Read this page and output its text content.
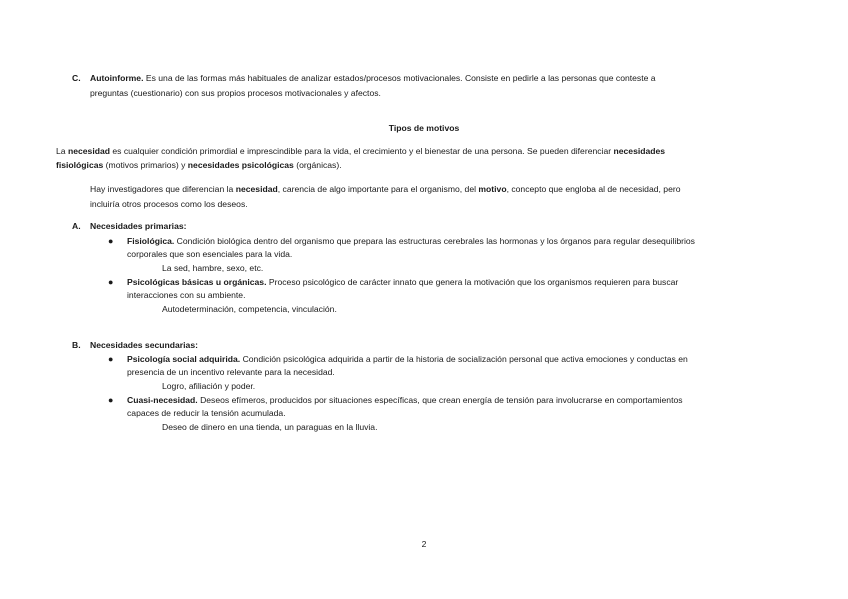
C. Autoinforme. Es una de las formas más habituales de analizar estados/procesos motivacionales. Consiste en pedirle a las personas que conteste a
preguntas (cuestionario) con sus propios procesos motivacionales y afectos.
Tipos de motivos
La necesidad es cualquier condición primordial e imprescindible para la vida, el crecimiento y el bienestar de una persona. Se pueden diferenciar necesidades
fisiológicas (motivos primarios) y necesidades psicológicas (orgánicas).
Hay investigadores que diferencian la necesidad, carencia de algo importante para el organismo, del motivo, concepto que engloba al de necesidad, pero
incluiría otros procesos como los deseos.
A. Necesidades primarias:
● Fisiológica. Condición biológica dentro del organismo que prepara las estructuras cerebrales las hormonas y los órganos para regular desequilibrios
corporales que son esenciales para la vida.
La sed, hambre, sexo, etc.
● Psicológicas básicas u orgánicas. Proceso psicológico de carácter innato que genera la motivación que los organismos requieren para buscar
interacciones con su ambiente.
Autodeterminación, competencia, vinculación.
B. Necesidades secundarias:
● Psicología social adquirida. Condición psicológica adquirida a partir de la historia de socialización personal que activa emociones y conductas en
presencia de un incentivo relevante para la necesidad.
Logro, afiliación y poder.
● Cuasi-necesidad. Deseos efímeros, producidos por situaciones específicas, que crean energía de tensión para involucrarse en comportamientos
capaces de reducir la tensión acumulada.
Deseo de dinero en una tienda, un paraguas en la lluvia.
2
